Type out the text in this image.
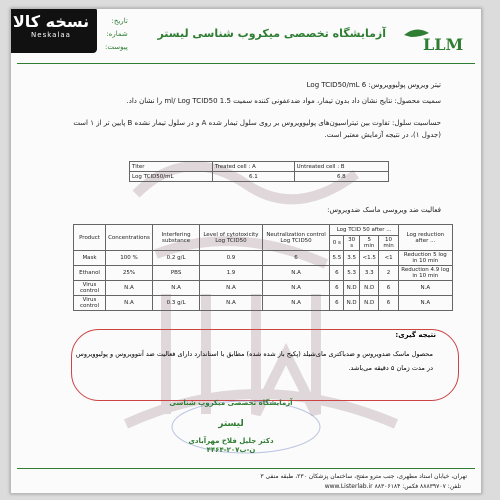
نسخه کالا
Neskalaa
تاریخ:
شماره:
پیوست:
آزمایشگاه تخصصی میکروب شناسی لیستر
LLM
تیتر ویروس پولیوویروس: 6 Log TCID50/mL
سمیت محصول: نتایج نشان داد بدون تیمار، مواد ضدعفونی کننده سمیت 1.5 ml/ Log TCID50 را نشان داد.
حساسیت سلول: تفاوت بین تیتراسیون‌های پولیوویروس بر روی سلول تیمار شده A و در سلول تیمار نشده B پایین تر از ۱ است (جدول ۱)، در نتیجه آزمایش معتبر است.
Titer	Treated cell : A	Untreated cell : B
Log TCID50/mL	6.1	6.8
فعالیت ضد ویروسی ماسک ضدویروس:
Product	Concentrations	Interfering substance	Level of cytotoxicity Log TCID50	Neutralization control Log TCID50	Log TCID 50 after ...				Log reduction after ...
					0 s	30 s	5 min	10 min	
Mask	100 %	0.2 g/L	0.9	6	5.5	3.5	<1.5	<1	Reduction 5 log in 10 min
Ethanol	25%	PBS	1.9	N.A	6	5.3	3.3	2	Reduction 4.9 log in 10 min
Virus control	N.A	N.A	N.A	N.A	6	N.D	N.D	6	N.A
Virus control	N.A	0.3 g/L	N.A	N.A	6	N.D	N.D	6	N.A
نتیجه گیری:
محصول ماسک ضدویروس و ضدباکتری مای‌شیلد (پکیج باز شده شده) مطابق با استاندارد دارای فعالیت ضد آنتوویروس و پولیوویروس در مدت زمان ۵ دقیقه می‌باشد.
آزمایشگاه تخصصی میکروب شناسی
لیستر
دکتر جلیل فلاح مهرآبادی
ن-ب۲۰۷-۴۴۶۴
تهران، خیابان استاد مطهری، جنب مترو مفتح، ساختمان پزشکان ۲۳۰، طبقه منفی ۳
تلفن: ۸۸۸۳۹۷۰۷ فکس: ۸۸۳۰۶۱۸۴ www.Listerlab.ir
